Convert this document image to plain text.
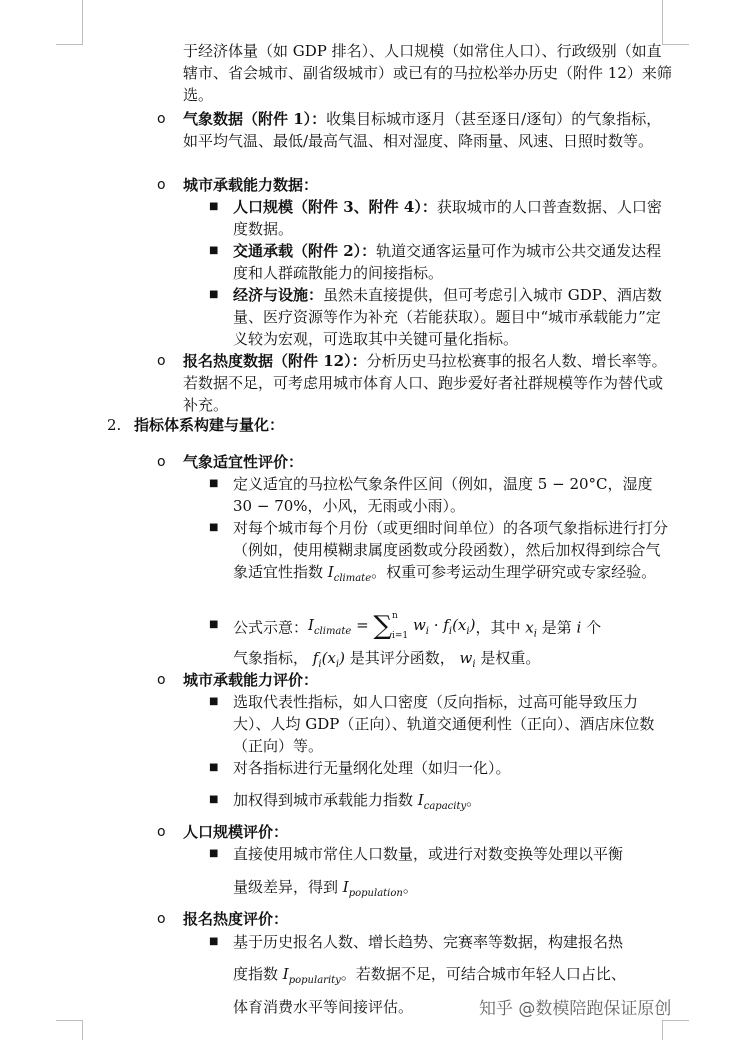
于经济体量（如 GDP 排名）、人口规模（如常住人口）、行政级别（如直辖市、省会城市、副省级城市）或已有的马拉松举办历史（附件 12）来筛选。

o 气象数据（附件 1）：收集目标城市逐月（甚至逐日/逐旬）的气象指标，如平均气温、最低/最高气温、相对湿度、降雨量、风速、日照时数等。

o 城市承载能力数据：

■ 人口规模（附件 3、附件 4）：获取城市的人口普查数据、人口密度数据。

■ 交通承载（附件 2）：轨道交通客运量可作为城市公共交通发达程度和人群疏散能力的间接指标。

■ 经济与设施：虽然未直接提供，但可考虑引入城市 GDP、酒店数量、医疗资源等作为补充（若能获取）。题目中“城市承载能力”定义较为宏观，可选取其中关键可量化指标。

o 报名热度数据（附件 12）：分析历史马拉松赛事的报名人数、增长率等。若数据不足，可考虑用城市体育人口、跑步爱好者社群规模等作为替代或补充。

2. 指标体系构建与量化：
o 气象适宜性评价：

■ 定义适宜的马拉松气象条件区间（例如，温度 5 − 20°C，湿度 30 − 70%，小风，无雨或小雨）。

■ 对每个城市每个月份（或更细时间单位）的各项气象指标进行打分（例如，使用模糊隶属度函数或分段函数），然后加权得到综合气象适宜性指数 $I_{climate}$。权重可参考运动生理学研究或专家经验。

■ 公式示意：$I_{climate} = \sum n$

i=1 $w_i \cdot f_i(x_i)$，其中 $x_i$ 是第 i 个

气象指标， $f_i(x_i)$ 是其评分函数， $w_i$ 是权重。

o 城市承载能力评价：

■ 选取代表性指标，如人口密度（反向指标，过高可能导致压力大）、人均 GDP（正向）、轨道交通便利性（正向）、酒店床位数（正向）等。

■ 对各指标进行无量纲化处理（如归一化）。

■ 加权得到城市承载能力指数 $I_{capacity}$。

o 人口规模评价：

■ 直接使用城市常住人口数量，或进行对数变换等处理以平衡

量级差异，得到 $I_{population}$。

o 报名热度评价：

■ 基于历史报名人数、增长趋势、完赛率等数据，构建报名热

度指数 $I_{popularity}$。若数据不足，可结合城市年轻人口占比、

体育消费水平等间接评估。	知乎 @数模陪跑保证原创
